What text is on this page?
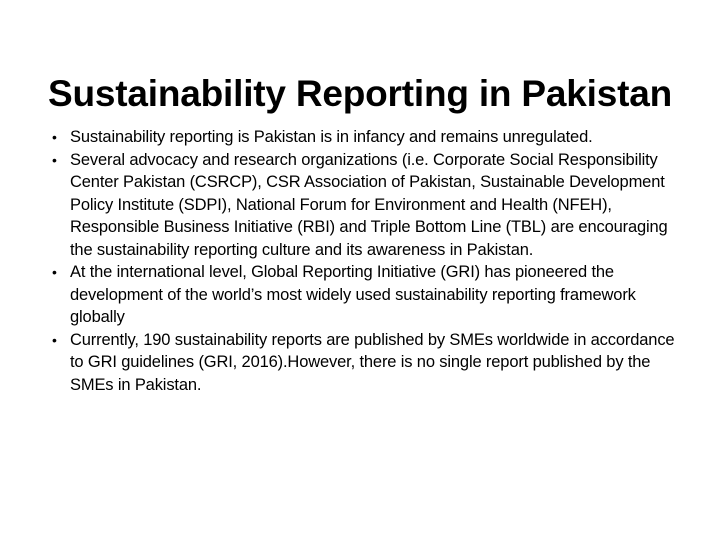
Sustainability Reporting in Pakistan
• Sustainability reporting is Pakistan is in infancy and remains unregulated.
• Several advocacy and research organizations (i.e. Corporate Social Responsibility Center Pakistan (CSRCP), CSR Association of Pakistan, Sustainable Development Policy Institute (SDPI), National Forum for Environment and Health (NFEH), Responsible Business Initiative (RBI) and Triple Bottom Line (TBL) are encouraging the sustainability reporting culture and its awareness in Pakistan.
• At the international level, Global Reporting Initiative (GRI) has pioneered the development of the world’s most widely used sustainability reporting framework globally
• Currently, 190 sustainability reports are published by SMEs worldwide in accordance to GRI guidelines (GRI, 2016).However, there is no single report published by the SMEs in Pakistan.
